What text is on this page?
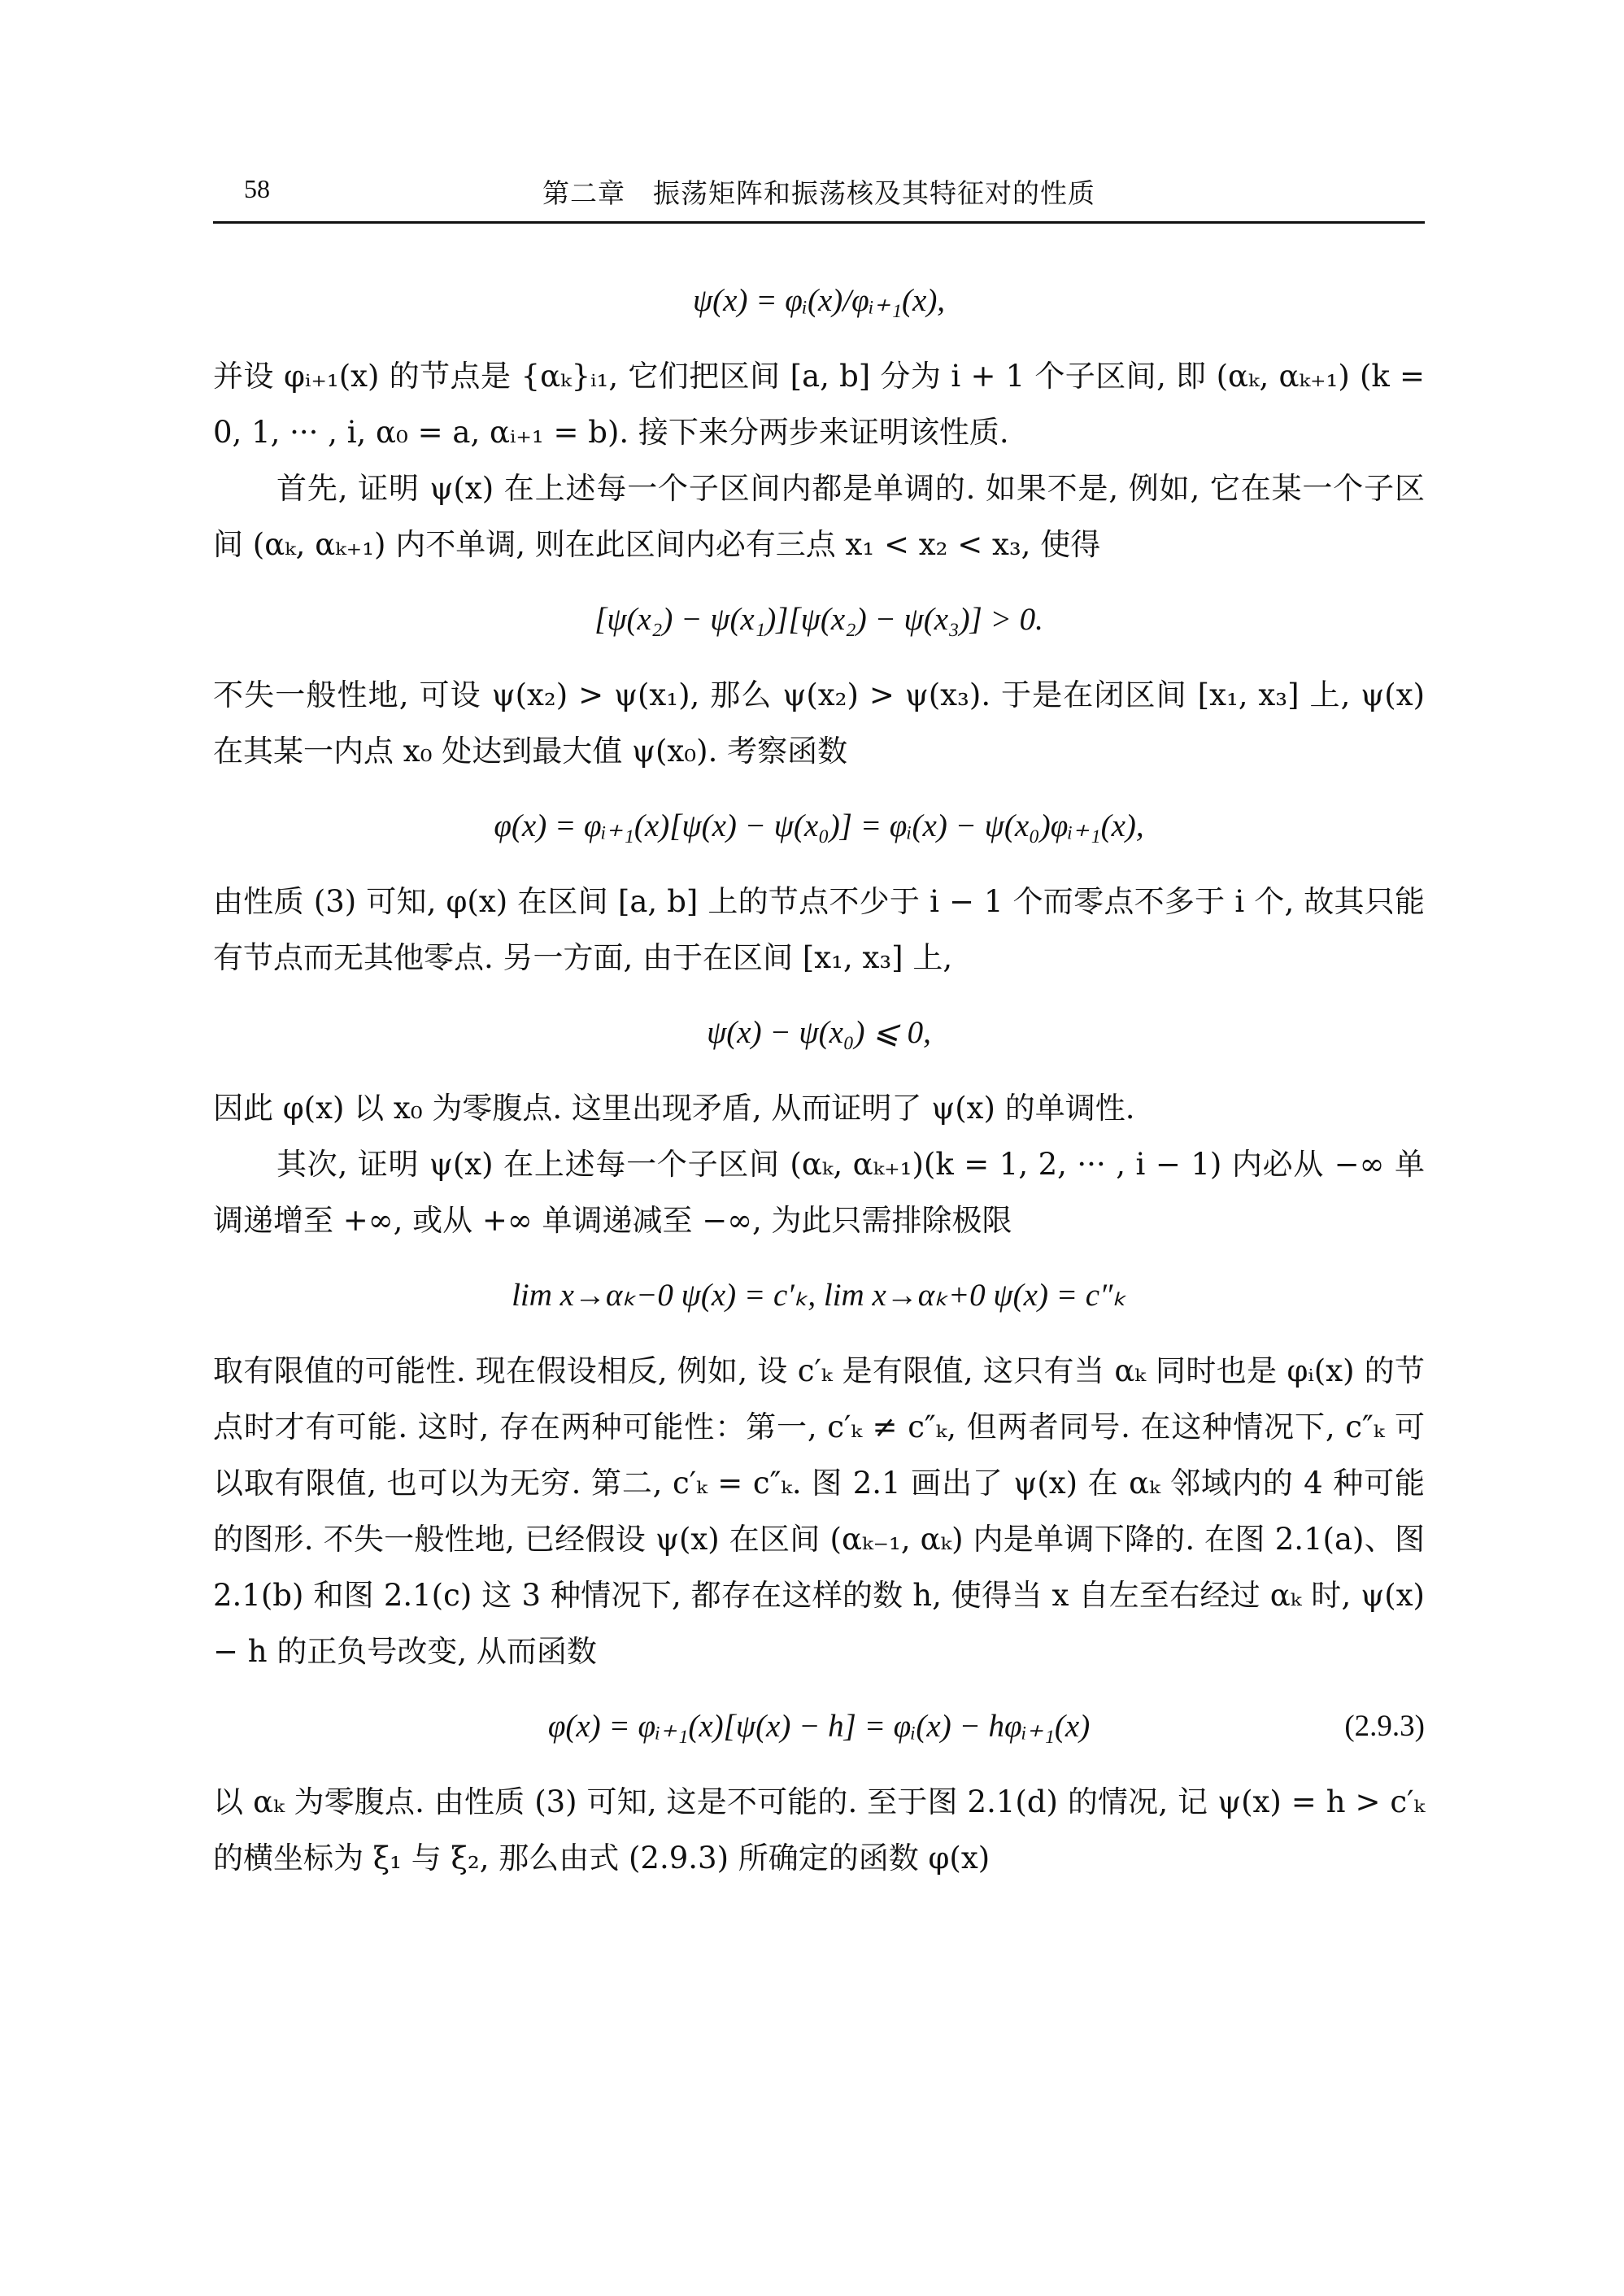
58	第二章　振荡矩阵和振荡核及其特征对的性质
ψ(x) = φᵢ(x)/φᵢ₊₁(x),

并设 φᵢ₊₁(x) 的节点是 {αₖ}ᵢ₁, 它们把区间 [a, b] 分为 i + 1 个子区间, 即 (αₖ, αₖ₊₁) (k = 0, 1, ··· , i, α₀ = a, αᵢ₊₁ = b). 接下来分两步来证明该性质.

首先, 证明 ψ(x) 在上述每一个子区间内都是单调的. 如果不是, 例如, 它在某一个子区间 (αₖ, αₖ₊₁) 内不单调, 则在此区间内必有三点 x₁ < x₂ < x₃, 使得

[ψ(x₂) − ψ(x₁)][ψ(x₂) − ψ(x₃)] > 0.

不失一般性地, 可设 ψ(x₂) > ψ(x₁), 那么 ψ(x₂) > ψ(x₃). 于是在闭区间 [x₁, x₃] 上, ψ(x) 在其某一内点 x₀ 处达到最大值 ψ(x₀). 考察函数

φ(x) = φᵢ₊₁(x)[ψ(x) − ψ(x₀)] = φᵢ(x) − ψ(x₀)φᵢ₊₁(x),

由性质 (3) 可知, φ(x) 在区间 [a, b] 上的节点不少于 i − 1 个而零点不多于 i 个, 故其只能有节点而无其他零点. 另一方面, 由于在区间 [x₁, x₃] 上,

ψ(x) − ψ(x₀) ⩽ 0,

因此 φ(x) 以 x₀ 为零腹点. 这里出现矛盾, 从而证明了 ψ(x) 的单调性.

其次, 证明 ψ(x) 在上述每一个子区间 (αₖ, αₖ₊₁)(k = 1, 2, ··· , i − 1) 内必从 −∞ 单调递增至 +∞, 或从 +∞ 单调递减至 −∞, 为此只需排除极限

lim x→αₖ−0 ψ(x) = c′ₖ, lim x→αₖ+0 ψ(x) = c″ₖ

取有限值的可能性. 现在假设相反, 例如, 设 c′ₖ 是有限值, 这只有当 αₖ 同时也是 φᵢ(x) 的节点时才有可能. 这时, 存在两种可能性：第一, c′ₖ ≠ c″ₖ, 但两者同号. 在这种情况下, c″ₖ 可以取有限值, 也可以为无穷. 第二, c′ₖ = c″ₖ. 图 2.1 画出了 ψ(x) 在 αₖ 邻域内的 4 种可能的图形. 不失一般性地, 已经假设 ψ(x) 在区间 (αₖ₋₁, αₖ) 内是单调下降的. 在图 2.1(a)、图 2.1(b) 和图 2.1(c) 这 3 种情况下, 都存在这样的数 h, 使得当 x 自左至右经过 αₖ 时, ψ(x) − h 的正负号改变, 从而函数

φ(x) = φᵢ₊₁(x)[ψ(x) − h] = φᵢ(x) − hφᵢ₊₁(x)	(2.9.3)

以 αₖ 为零腹点. 由性质 (3) 可知, 这是不可能的. 至于图 2.1(d) 的情况, 记 ψ(x) = h > c′ₖ 的横坐标为 ξ₁ 与 ξ₂, 那么由式 (2.9.3) 所确定的函数 φ(x)
